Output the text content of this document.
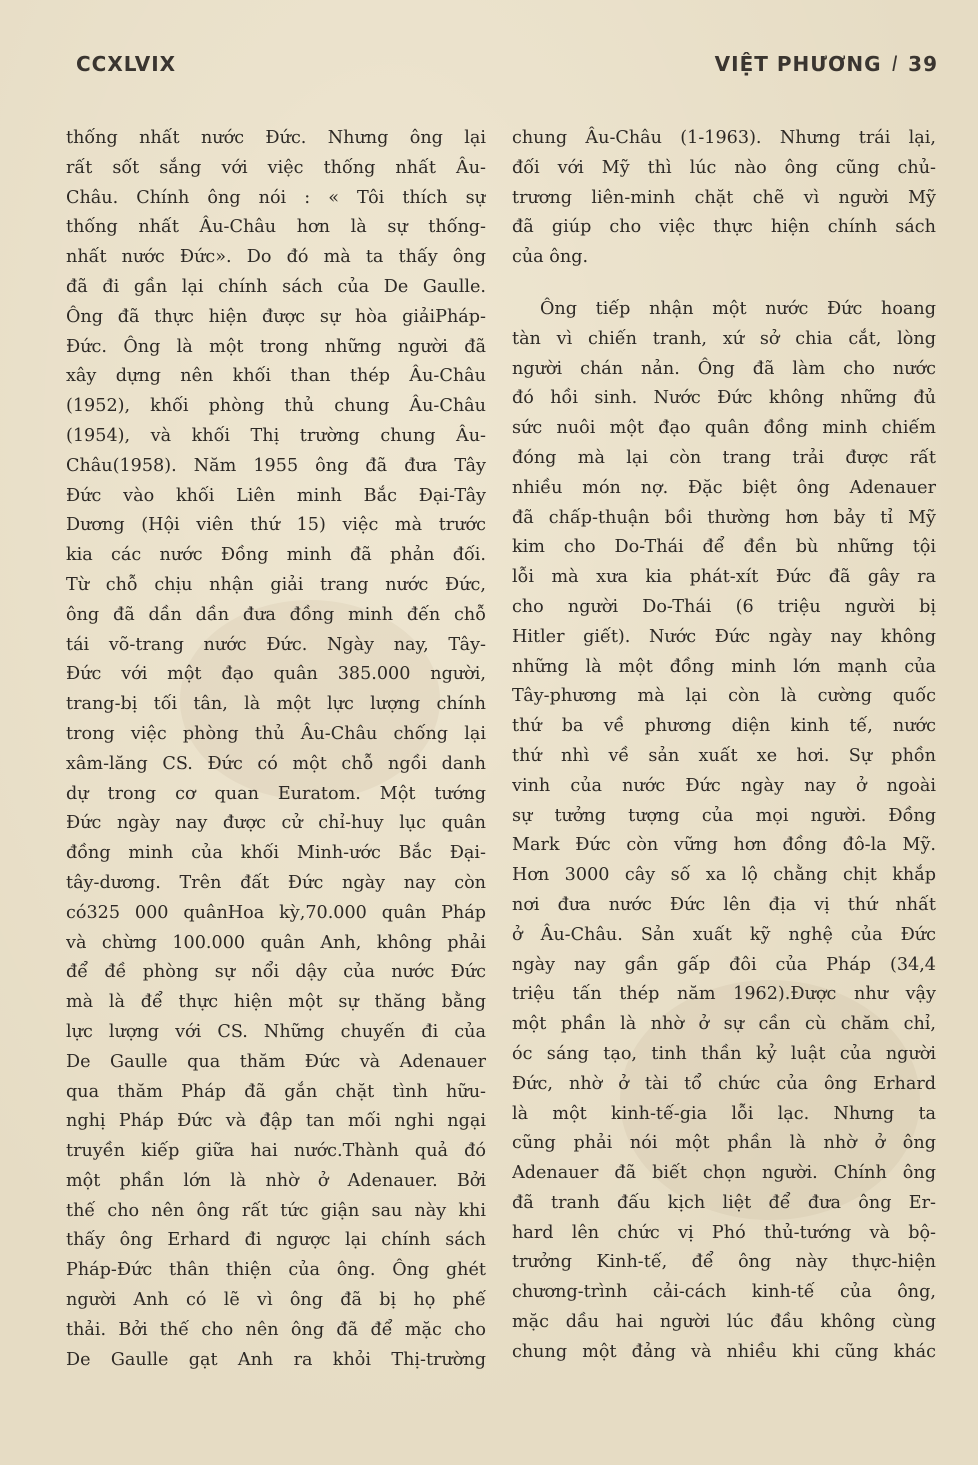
CCXLVIX	VIỆT PHƯƠNG l 39
thống nhất nước Đức. Nhưng ông lại
rất sốt sắng với việc thống nhất Âu-
Châu. Chính ông nói : « Tôi thích sự
thống nhất Âu-Châu hơn là sự thống-
nhất nước Đức». Do đó mà ta thấy ông
đã đi gần lại chính sách của De Gaulle.
Ông đã thực hiện được sự hòa giảiPháp-
Đức. Ông là một trong những người đã
xây dựng nên khối than thép Âu-Châu
(1952), khối phòng thủ chung Âu-Châu
(1954), và khối Thị trường chung Âu-
Châu(1958). Năm 1955 ông đã đưa Tây
Đức vào khối Liên minh Bắc Đại-Tây
Dương (Hội viên thứ 15) việc mà trước
kia các nước Đồng minh đã phản đối.
Từ chỗ chịu nhận giải trang nước Đức,
ông đã dần dần đưa đồng minh đến chỗ
tái võ-trang nước Đức. Ngày nay, Tây-
Đức với một đạo quân 385.000 người,
trang-bị tối tân, là một lực lượng chính
trong việc phòng thủ Âu-Châu chống lại
xâm-lăng CS. Đức có một chỗ ngồi danh
dự trong cơ quan Euratom. Một tướng
Đức ngày nay được cử chỉ-huy lục quân
đồng minh của khối Minh-ước Bắc Đại-
tây-dương. Trên đất Đức ngày nay còn
có325 000 quânHoa kỳ,70.000 quân Pháp
và chừng 100.000 quân Anh, không phải
để đề phòng sự nổi dậy của nước Đức
mà là để thực hiện một sự thăng bằng
lực lượng với CS. Những chuyến đi của
De Gaulle qua thăm Đức và Adenauer
qua thăm Pháp đã gắn chặt tình hữu-
nghị Pháp Đức và đập tan mối nghi ngại
truyền kiếp giữa hai nước.Thành quả đó
một phần lớn là nhờ ở Adenauer. Bởi
thế cho nên ông rất tức giận sau này khi
thấy ông Erhard đi ngược lại chính sách
Pháp-Đức thân thiện của ông. Ông ghét
người Anh có lẽ vì ông đã bị họ phế
thải. Bởi thế cho nên ông đã để mặc cho
De Gaulle gạt Anh ra khỏi Thị-trường
chung Âu-Châu (1-1963). Nhưng trái lại,
đối với Mỹ thì lúc nào ông cũng chủ-
trương liên-minh chặt chẽ vì người Mỹ
đã giúp cho việc thực hiện chính sách
của ông.
Ông tiếp nhận một nước Đức hoang
tàn vì chiến tranh, xứ sở chia cắt, lòng
người chán nản. Ông đã làm cho nước
đó hồi sinh. Nước Đức không những đủ
sức nuôi một đạo quân đồng minh chiếm
đóng mà lại còn trang trải được rất
nhiều món nợ. Đặc biệt ông Adenauer
đã chấp-thuận bồi thường hơn bảy tỉ Mỹ
kim cho Do-Thái để đền bù những tội
lỗi mà xưa kia phát-xít Đức đã gây ra
cho người Do-Thái (6 triệu người bị
Hitler giết). Nước Đức ngày nay không
những là một đồng minh lớn mạnh của
Tây-phương mà lại còn là cường quốc
thứ ba về phương diện kinh tế, nước
thứ nhì về sản xuất xe hơi. Sự phồn
vinh của nước Đức ngày nay ở ngoài
sự tưởng tượng của mọi người. Đồng
Mark Đức còn vững hơn đồng đô-la Mỹ.
Hơn 3000 cây số xa lộ chằng chịt khắp
nơi đưa nước Đức lên địa vị thứ nhất
ở Âu-Châu. Sản xuất kỹ nghệ của Đức
ngày nay gần gấp đôi của Pháp (34,4
triệu tấn thép năm 1962).Được như vậy
một phần là nhờ ở sự cần cù chăm chỉ,
óc sáng tạo, tinh thần kỷ luật của người
Đức, nhờ ở tài tổ chức của ông Erhard
là một kinh-tế-gia lỗi lạc. Nhưng ta
cũng phải nói một phần là nhờ ở ông
Adenauer đã biết chọn người. Chính ông
đã tranh đấu kịch liệt để đưa ông Er-
hard lên chức vị Phó thủ-tướng và bộ-
trưởng Kinh-tế, để ông này thực-hiện
chương-trình cải-cách kinh-tế của ông,
mặc dầu hai người lúc đầu không cùng
chung một đảng và nhiều khi cũng khác
